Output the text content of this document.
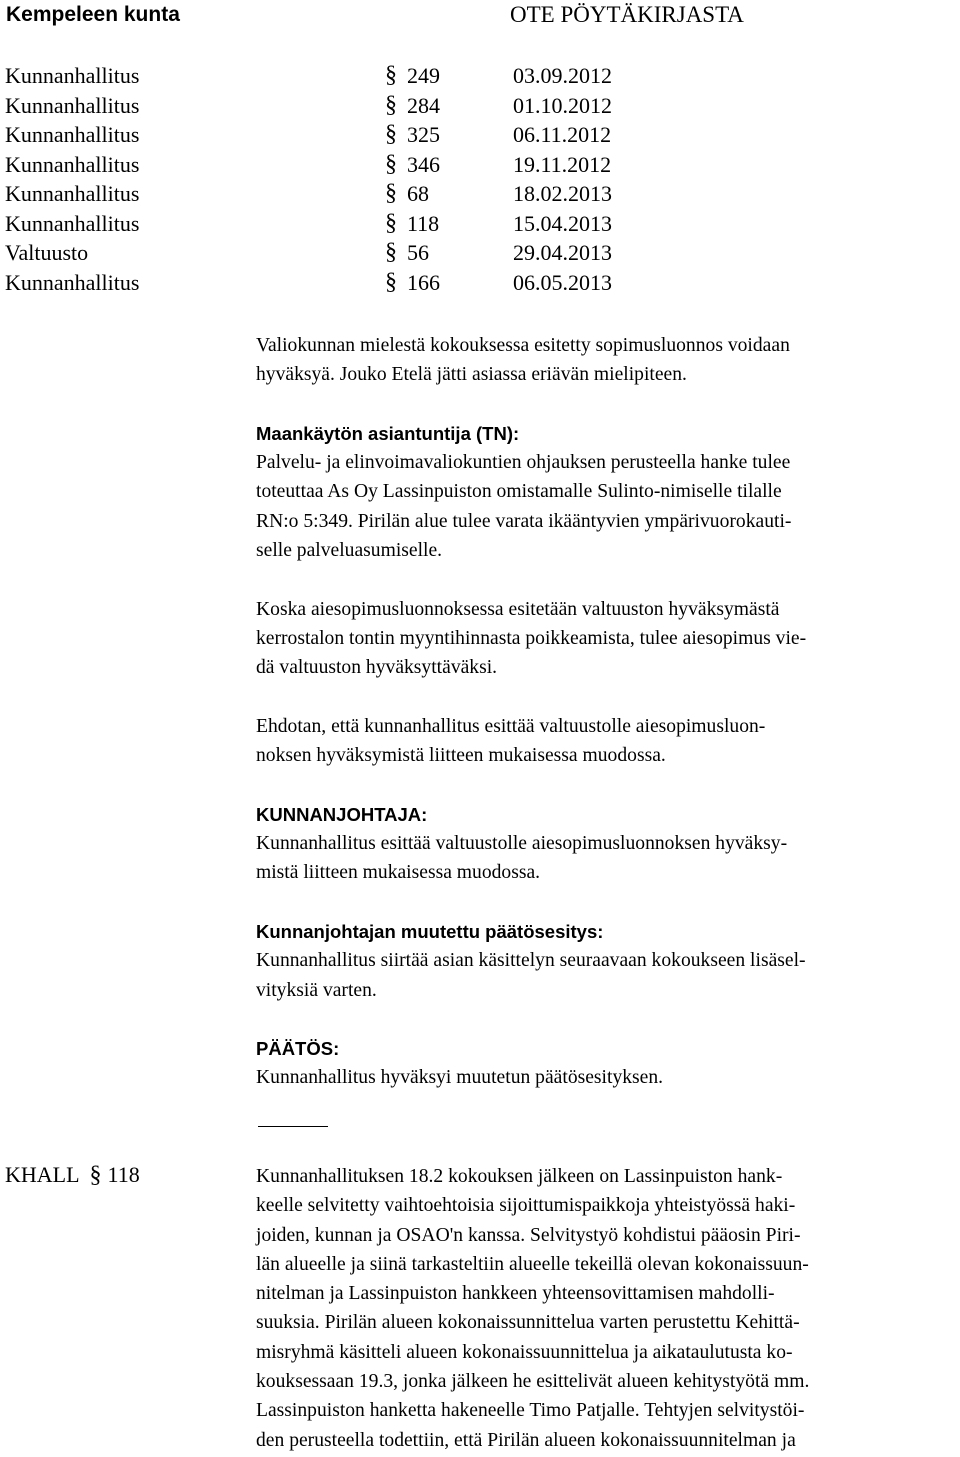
Kempeleen kunta	OTE PÖYTÄKIRJASTA
Kunnanhallitus	§ 249	03.09.2012
Kunnanhallitus	§ 284	01.10.2012
Kunnanhallitus	§ 325	06.11.2012
Kunnanhallitus	§ 346	19.11.2012
Kunnanhallitus	§ 68	18.02.2013
Kunnanhallitus	§ 118	15.04.2013
Valtuusto	§ 56	29.04.2013
Kunnanhallitus	§ 166	06.05.2013

Valiokunnan mielestä kokouksessa esitetty sopimusluonnos voidaan
hyväksyä. Jouko Etelä jätti asiassa eriävän mielipiteen.

Maankäytön asiantuntija (TN):
Palvelu- ja elinvoimavaliokuntien ohjauksen perusteella hanke tulee
toteuttaa As Oy Lassinpuiston omistamalle Sulinto-nimiselle tilalle
RN:o 5:349. Pirilän alue tulee varata ikääntyvien ympärivuorokauti-
selle palveluasumiselle.

Koska aiesopimusluonnoksessa esitetään valtuuston hyväksymästä
kerrostalon tontin myyntihinnasta poikkeamista, tulee aiesopimus vie-
dä valtuuston hyväksyttäväksi.

Ehdotan, että kunnanhallitus esittää valtuustolle aiesopimusluon-
noksen hyväksymistä liitteen mukaisessa muodossa.

KUNNANJOHTAJA:
Kunnanhallitus esittää valtuustolle aiesopimusluonnoksen hyväksy-
mistä liitteen mukaisessa muodossa.

Kunnanjohtajan muutettu päätösesitys:
Kunnanhallitus siirtää asian käsittelyn seuraavaan kokoukseen lisäsel-
vityksiä varten.

PÄÄTÖS:
Kunnanhallitus hyväksyi muutetun päätösesityksen.

KHALL § 118	Kunnanhallituksen 18.2 kokouksen jälkeen on Lassinpuiston hank-
keelle selvitetty vaihtoehtoisia sijoittumispaikkoja yhteistyössä haki-
joiden, kunnan ja OSAO'n kanssa. Selvitystyö kohdistui pääosin Piri-
län alueelle ja siinä tarkasteltiin alueelle tekeillä olevan kokonaissuun-
nitelman ja Lassinpuiston hankkeen yhteensovittamisen mahdolli-
suuksia. Pirilän alueen kokonaissunnittelua varten perustettu Kehittä-
misryhmä käsitteli alueen kokonaissuunnittelua ja aikataulutusta ko-
kouksessaan 19.3, jonka jälkeen he esittelivät alueen kehitystyötä mm.
Lassinpuiston hanketta hakeneelle Timo Patjalle. Tehtyjen selvitystöi-
den perusteella todettiin, että Pirilän alueen kokonaissuunnitelman ja
